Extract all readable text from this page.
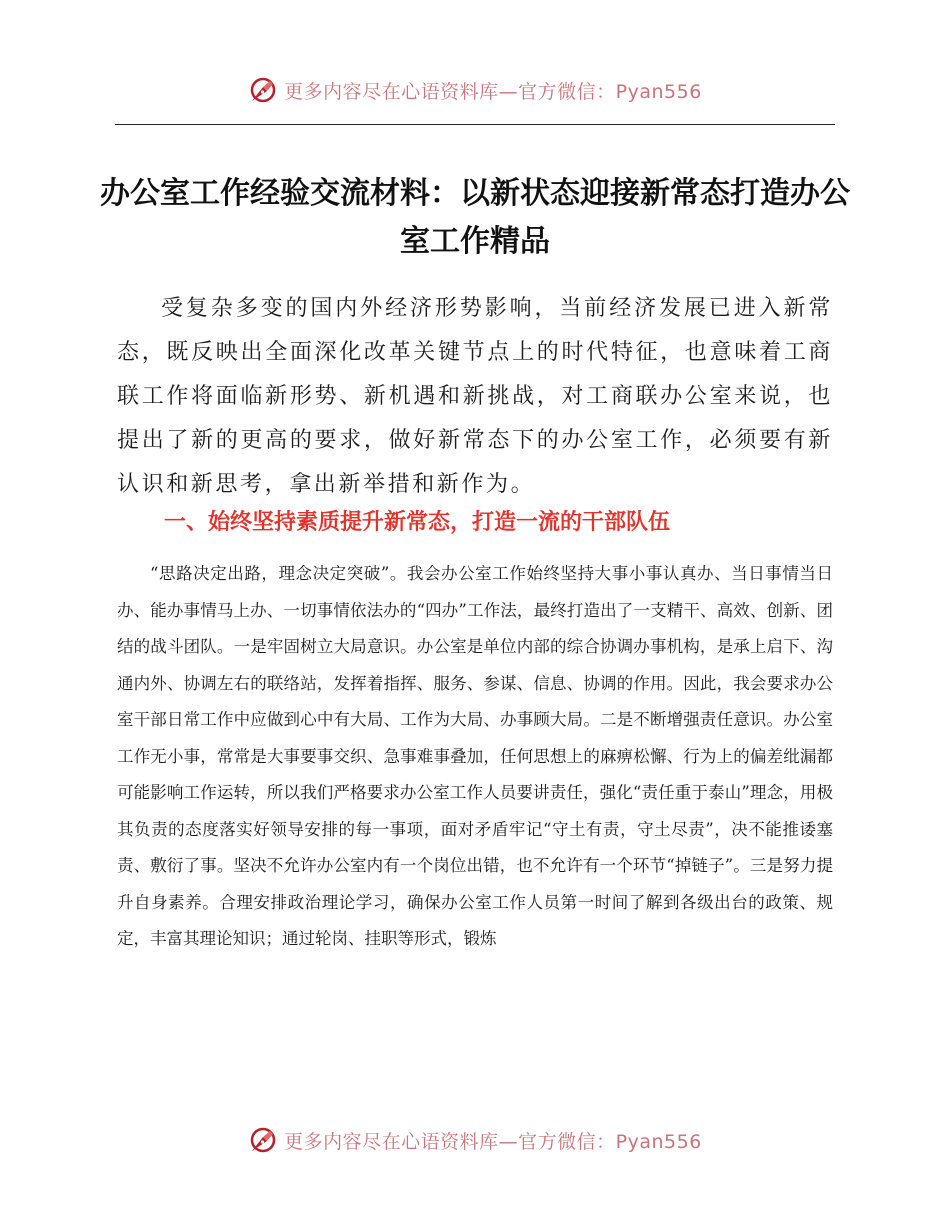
更多内容尽在心语资料库—官方微信：Pyan556
办公室工作经验交流材料：以新状态迎接新常态打造办公室工作精品

受复杂多变的国内外经济形势影响，当前经济发展已进入新常态，既反映出全面深化改革关键节点上的时代特征，也意味着工商联工作将面临新形势、新机遇和新挑战，对工商联办公室来说，也提出了新的更高的要求，做好新常态下的办公室工作，必须要有新认识和新思考，拿出新举措和新作为。

一、始终坚持素质提升新常态，打造一流的干部队伍

“思路决定出路，理念决定突破”。我会办公室工作始终坚持大事小事认真办、当日事情当日办、能办事情马上办、一切事情依法办的“四办”工作法，最终打造出了一支精干、高效、创新、团结的战斗团队。一是牢固树立大局意识。办公室是单位内部的综合协调办事机构，是承上启下、沟通内外、协调左右的联络站，发挥着指挥、服务、参谋、信息、协调的作用。因此，我会要求办公室干部日常工作中应做到心中有大局、工作为大局、办事顾大局。二是不断增强责任意识。办公室工作无小事，常常是大事要事交织、急事难事叠加，任何思想上的麻痹松懈、行为上的偏差纰漏都可能影响工作运转，所以我们严格要求办公室工作人员要讲责任，强化“责任重于泰山”理念，用极其负责的态度落实好领导安排的每一事项，面对矛盾牢记“守土有责，守土尽责”，决不能推诿塞责、敷衍了事。坚决不允许办公室内有一个岗位出错，也不允许有一个环节“掉链子”。三是努力提升自身素养。合理安排政治理论学习，确保办公室工作人员第一时间了解到各级出台的政策、规定，丰富其理论知识；通过轮岗、挂职等形式，锻炼

更多内容尽在心语资料库—官方微信：Pyan556
